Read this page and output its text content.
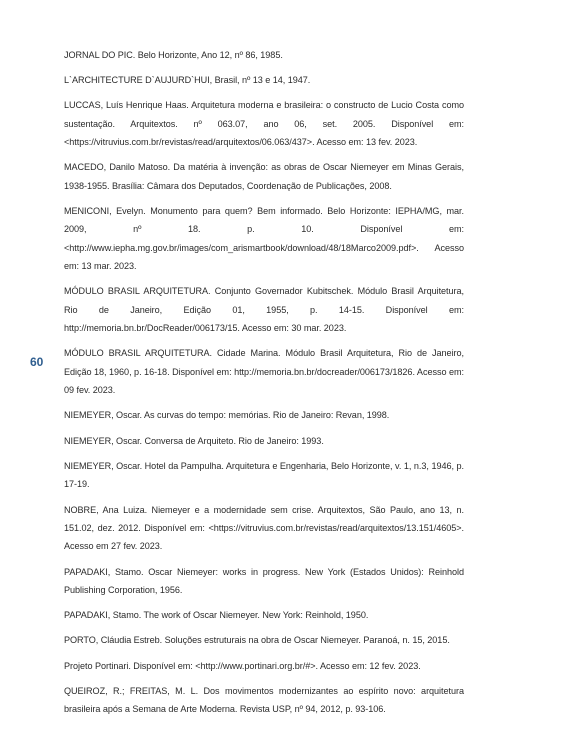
60

JORNAL DO PIC. Belo Horizonte, Ano 12, nº 86, 1985.

L`ARCHITECTURE D`AUJURD`HUI, Brasil, nº 13 e 14, 1947.

LUCCAS, Luís Henrique Haas. Arquitetura moderna e brasileira: o constructo de Lucio Costa como sustentação. Arquitextos. nº 063.07, ano 06, set. 2005. Disponível em: <https://vitruvius.com.br/revistas/read/arquitextos/06.063/437>. Acesso em: 13 fev. 2023.

MACEDO, Danilo Matoso. Da matéria à invenção: as obras de Oscar Niemeyer em Minas Gerais, 1938-1955. Brasília: Câmara dos Deputados, Coordenação de Publicações, 2008.

MENICONI, Evelyn. Monumento para quem? Bem informado. Belo Horizonte: IEPHA/MG, mar. 2009, nº 18. p. 10. Disponível em: <http://www.iepha.mg.gov.br/images/com_arismartbook/download/48/18Marco2009.pdf>. Acesso em: 13 mar. 2023.

MÓDULO BRASIL ARQUITETURA. Conjunto Governador Kubitschek. Módulo Brasil Arquitetura, Rio de Janeiro, Edição 01, 1955, p. 14-15. Disponível em: http://memoria.bn.br/DocReader/006173/15. Acesso em: 30 mar. 2023.

MÓDULO BRASIL ARQUITETURA. Cidade Marina. Módulo Brasil Arquitetura, Rio de Janeiro, Edição 18, 1960, p. 16-18. Disponível em: http://memoria.bn.br/docreader/006173/1826. Acesso em: 09 fev. 2023.

NIEMEYER, Oscar. As curvas do tempo: memórias. Rio de Janeiro: Revan, 1998.

NIEMEYER, Oscar. Conversa de Arquiteto. Rio de Janeiro: 1993.

NIEMEYER, Oscar. Hotel da Pampulha. Arquitetura e Engenharia, Belo Horizonte, v. 1, n.3, 1946, p. 17-19.

NOBRE, Ana Luiza. Niemeyer e a modernidade sem crise. Arquitextos, São Paulo, ano 13, n. 151.02, dez. 2012. Disponível em: <https://vitruvius.com.br/revistas/read/arquitextos/13.151/4605>. Acesso em 27 fev. 2023.

PAPADAKI, Stamo. Oscar Niemeyer: works in progress. New York (Estados Unidos): Reinhold Publishing Corporation, 1956.

PAPADAKI, Stamo. The work of Oscar Niemeyer. New York: Reinhold, 1950.

PORTO, Cláudia Estreb. Soluções estruturais na obra de Oscar Niemeyer. Paranoá, n. 15, 2015.

Projeto Portinari. Disponível em: <http://www.portinari.org.br/#>. Acesso em: 12 fev. 2023.

QUEIROZ, R.; FREITAS, M. L. Dos movimentos modernizantes ao espírito novo: arquitetura brasileira após a Semana de Arte Moderna. Revista USP, nº 94, 2012, p. 93-106.
